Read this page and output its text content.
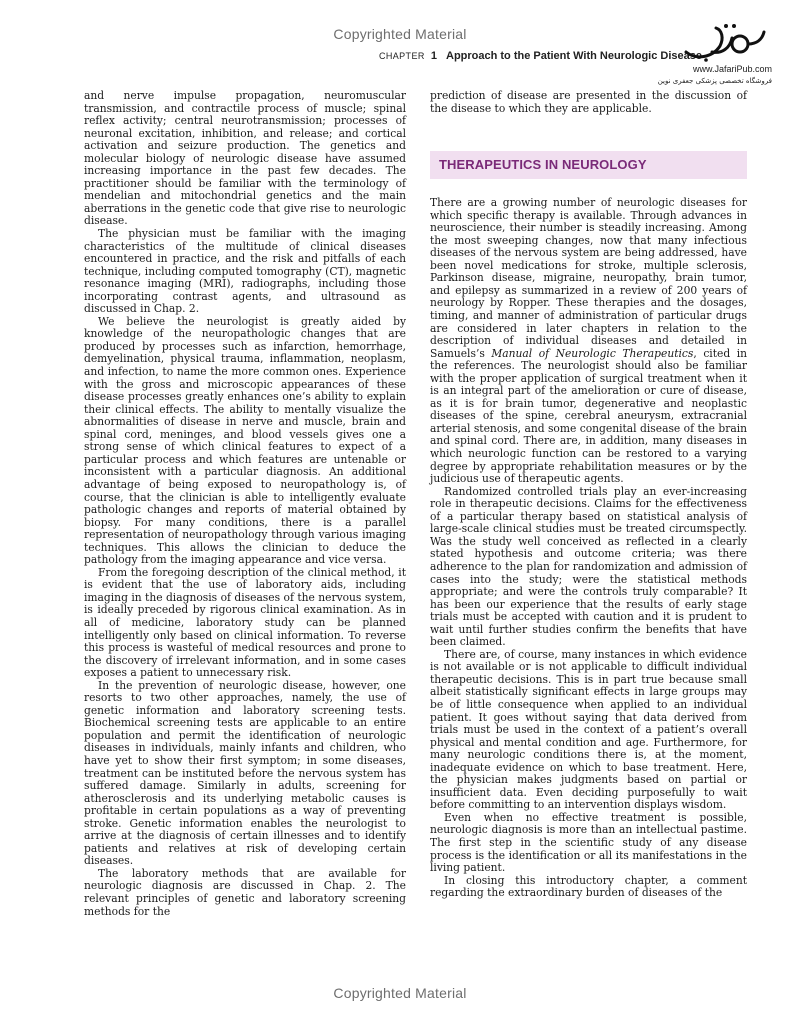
Copyrighted Material
CHAPTER 1 Approach to the Patient With Neurologic Disease
www.JafariPub.com
فروشگاه تخصصی پزشکی جعفری نوین

and nerve impulse propagation, neuromuscular transmission, and contractile process of muscle; spinal reflex activity; central neurotransmission; processes of neuronal excitation, inhibition, and release; and cortical activation and seizure production. The genetics and molecular biology of neurologic disease have assumed increasing importance in the past few decades. The practitioner should be familiar with the terminology of mendelian and mitochondrial genetics and the main aberrations in the genetic code that give rise to neurologic disease.

The physician must be familiar with the imaging characteristics of the multitude of clinical diseases encountered in practice, and the risk and pitfalls of each technique, including computed tomography (CT), magnetic resonance imaging (MRI), radiographs, including those incorporating contrast agents, and ultrasound as discussed in Chap. 2.

We believe the neurologist is greatly aided by knowledge of the neuropathologic changes that are produced by processes such as infarction, hemorrhage, demyelination, physical trauma, inflammation, neoplasm, and infection, to name the more common ones. Experience with the gross and microscopic appearances of these disease processes greatly enhances one’s ability to explain their clinical effects. The ability to mentally visualize the abnormalities of disease in nerve and muscle, brain and spinal cord, meninges, and blood vessels gives one a strong sense of which clinical features to expect of a particular process and which features are untenable or inconsistent with a particular diagnosis. An additional advantage of being exposed to neuropathology is, of course, that the clinician is able to intelligently evaluate pathologic changes and reports of material obtained by biopsy. For many conditions, there is a parallel representation of neuropathology through various imaging techniques. This allows the clinician to deduce the pathology from the imaging appearance and vice versa.

From the foregoing description of the clinical method, it is evident that the use of laboratory aids, including imaging in the diagnosis of diseases of the nervous system, is ideally preceded by rigorous clinical examination. As in all of medicine, laboratory study can be planned intelligently only based on clinical information. To reverse this process is wasteful of medical resources and prone to the discovery of irrelevant information, and in some cases exposes a patient to unnecessary risk.

In the prevention of neurologic disease, however, one resorts to two other approaches, namely, the use of genetic information and laboratory screening tests. Biochemical screening tests are applicable to an entire population and permit the identification of neurologic diseases in individuals, mainly infants and children, who have yet to show their first symptom; in some diseases, treatment can be instituted before the nervous system has suffered damage. Similarly in adults, screening for atherosclerosis and its underlying metabolic causes is profitable in certain populations as a way of preventing stroke. Genetic information enables the neurologist to arrive at the diagnosis of certain illnesses and to identify patients and relatives at risk of developing certain diseases.

The laboratory methods that are available for neurologic diagnosis are discussed in Chap. 2. The relevant principles of genetic and laboratory screening methods for the

prediction of disease are presented in the discussion of the disease to which they are applicable.

THERAPEUTICS IN NEUROLOGY

There are a growing number of neurologic diseases for which specific therapy is available. Through advances in neuroscience, their number is steadily increasing. Among the most sweeping changes, now that many infectious diseases of the nervous system are being addressed, have been novel medications for stroke, multiple sclerosis, Parkinson disease, migraine, neuropathy, brain tumor, and epilepsy as summarized in a review of 200 years of neurology by Ropper. These therapies and the dosages, timing, and manner of administration of particular drugs are considered in later chapters in relation to the description of individual diseases and detailed in Samuels’s Manual of Neurologic Therapeutics, cited in the references. The neurologist should also be familiar with the proper application of surgical treatment when it is an integral part of the amelioration or cure of disease, as it is for brain tumor, degenerative and neoplastic diseases of the spine, cerebral aneurysm, extracranial arterial stenosis, and some congenital disease of the brain and spinal cord. There are, in addition, many diseases in which neurologic function can be restored to a varying degree by appropriate rehabilitation measures or by the judicious use of therapeutic agents.

Randomized controlled trials play an ever-increasing role in therapeutic decisions. Claims for the effectiveness of a particular therapy based on statistical analysis of large-scale clinical studies must be treated circumspectly. Was the study well conceived as reflected in a clearly stated hypothesis and outcome criteria; was there adherence to the plan for randomization and admission of cases into the study; were the statistical methods appropriate; and were the controls truly comparable? It has been our experience that the results of early stage trials must be accepted with caution and it is prudent to wait until further studies confirm the benefits that have been claimed.

There are, of course, many instances in which evidence is not available or is not applicable to difficult individual therapeutic decisions. This is in part true because small albeit statistically significant effects in large groups may be of little consequence when applied to an individual patient. It goes without saying that data derived from trials must be used in the context of a patient’s overall physical and mental condition and age. Furthermore, for many neurologic conditions there is, at the moment, inadequate evidence on which to base treatment. Here, the physician makes judgments based on partial or insufficient data. Even deciding purposefully to wait before committing to an intervention displays wisdom.

Even when no effective treatment is possible, neurologic diagnosis is more than an intellectual pastime. The first step in the scientific study of any disease process is the identification or all its manifestations in the living patient.

In closing this introductory chapter, a comment regarding the extraordinary burden of diseases of the

Copyrighted Material
